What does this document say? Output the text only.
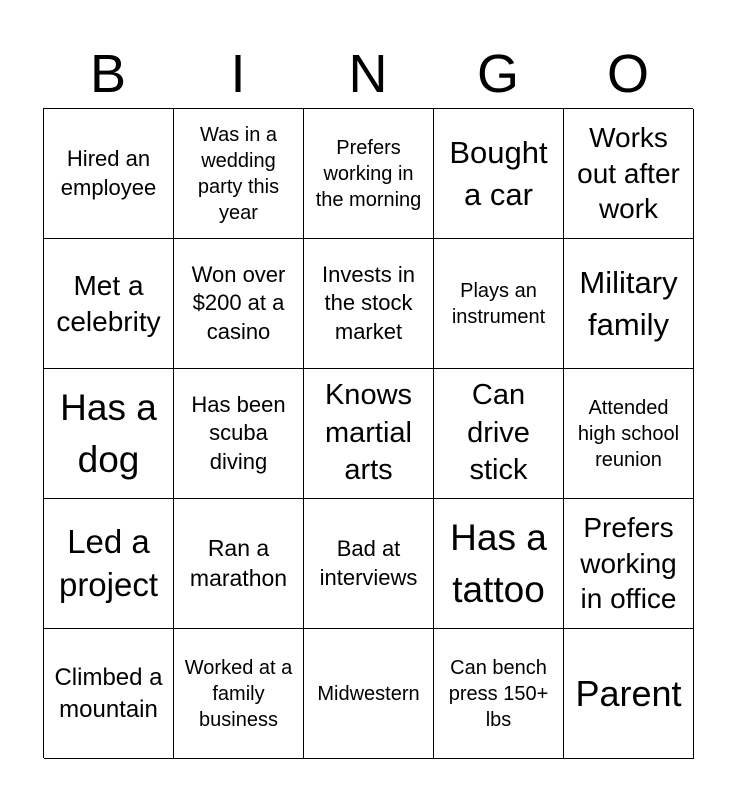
B	I	N	G	O
Hired an employee
Was in a wedding party this year
Prefers working in the morning
Bought a car
Works out after work
Met a celebrity
Won over $200 at a casino
Invests in the stock market
Plays an instrument
Military family
Has a dog
Has been scuba diving
Knows martial arts
Can drive stick
Attended high school reunion
Led a project
Ran a marathon
Bad at interviews
Has a tattoo
Prefers working in office
Climbed a mountain
Worked at a family business
Midwestern
Can bench press 150+ lbs
Parent
